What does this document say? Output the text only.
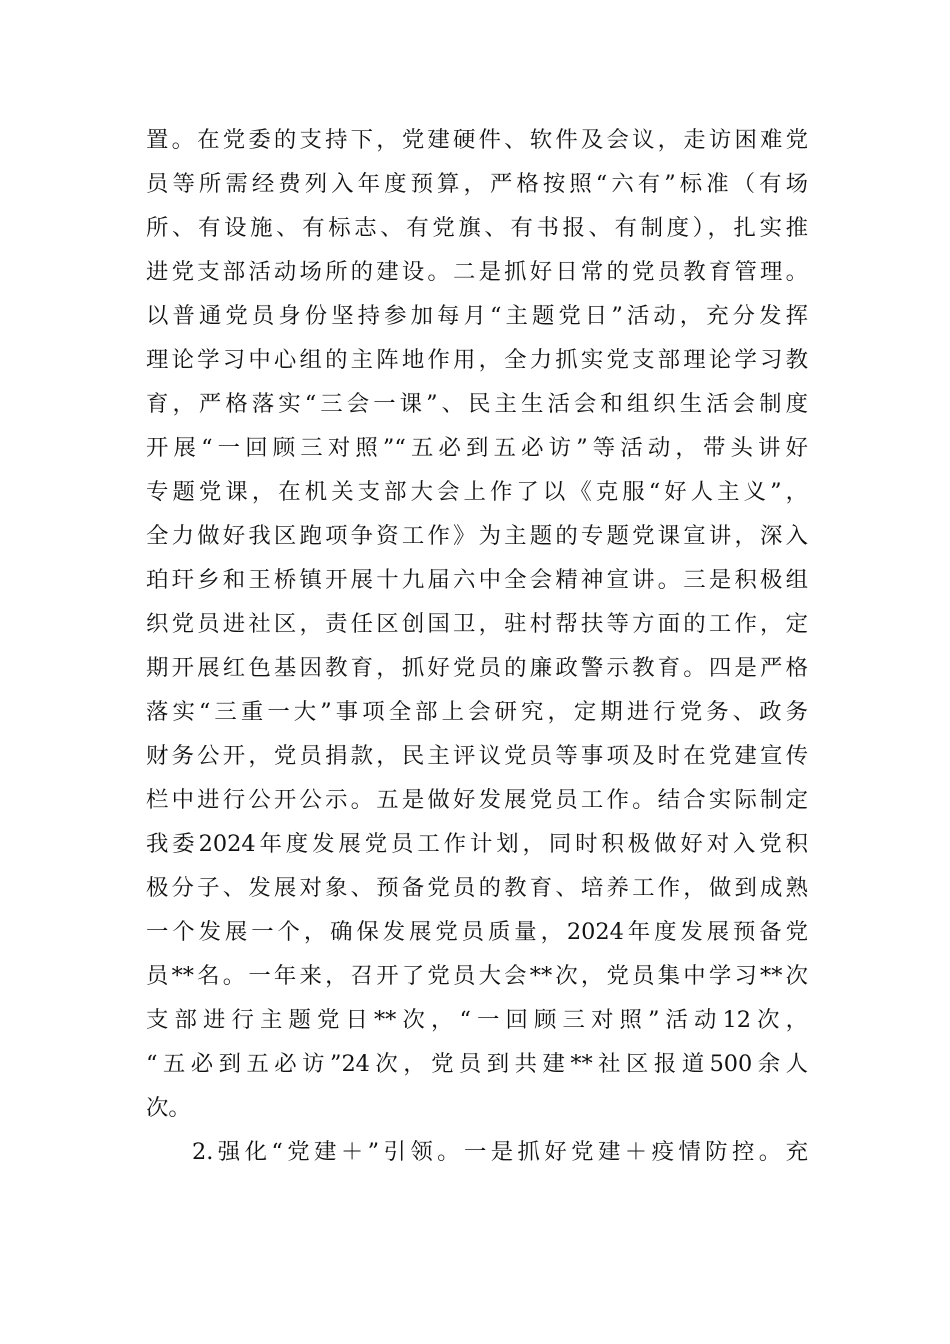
置。在党委的支持下，党建硬件、软件及会议，走访困难党
员等所需经费列入年度预算，严格按照“六有”标准（有场
所、有设施、有标志、有党旗、有书报、有制度），扎实推
进党支部活动场所的建设。二是抓好日常的党员教育管理。
以普通党员身份坚持参加每月“主题党日”活动，充分发挥
理论学习中心组的主阵地作用，全力抓实党支部理论学习教
育，严格落实“三会一课”、民主生活会和组织生活会制度
开展“一回顾三对照”“五必到五必访”等活动，带头讲好
专题党课，在机关支部大会上作了以《克服“好人主义”，
全力做好我区跑项争资工作》为主题的专题党课宣讲，深入
珀玕乡和王桥镇开展十九届六中全会精神宣讲。三是积极组
织党员进社区，责任区创国卫，驻村帮扶等方面的工作，定
期开展红色基因教育，抓好党员的廉政警示教育。四是严格
落实“三重一大”事项全部上会研究，定期进行党务、政务
财务公开，党员捐款，民主评议党员等事项及时在党建宣传
栏中进行公开公示。五是做好发展党员工作。结合实际制定
我委2024年度发展党员工作计划，同时积极做好对入党积
极分子、发展对象、预备党员的教育、培养工作，做到成熟
一个发展一个，确保发展党员质量，2024年度发展预备党
员**名。一年来，召开了党员大会**次，党员集中学习**次
支部进行主题党日**次，“一回顾三对照”活动12次，
“五必到五必访”24次，党员到共建**社区报道500余人
次。
2.强化“党建＋”引领。一是抓好党建＋疫情防控。充
